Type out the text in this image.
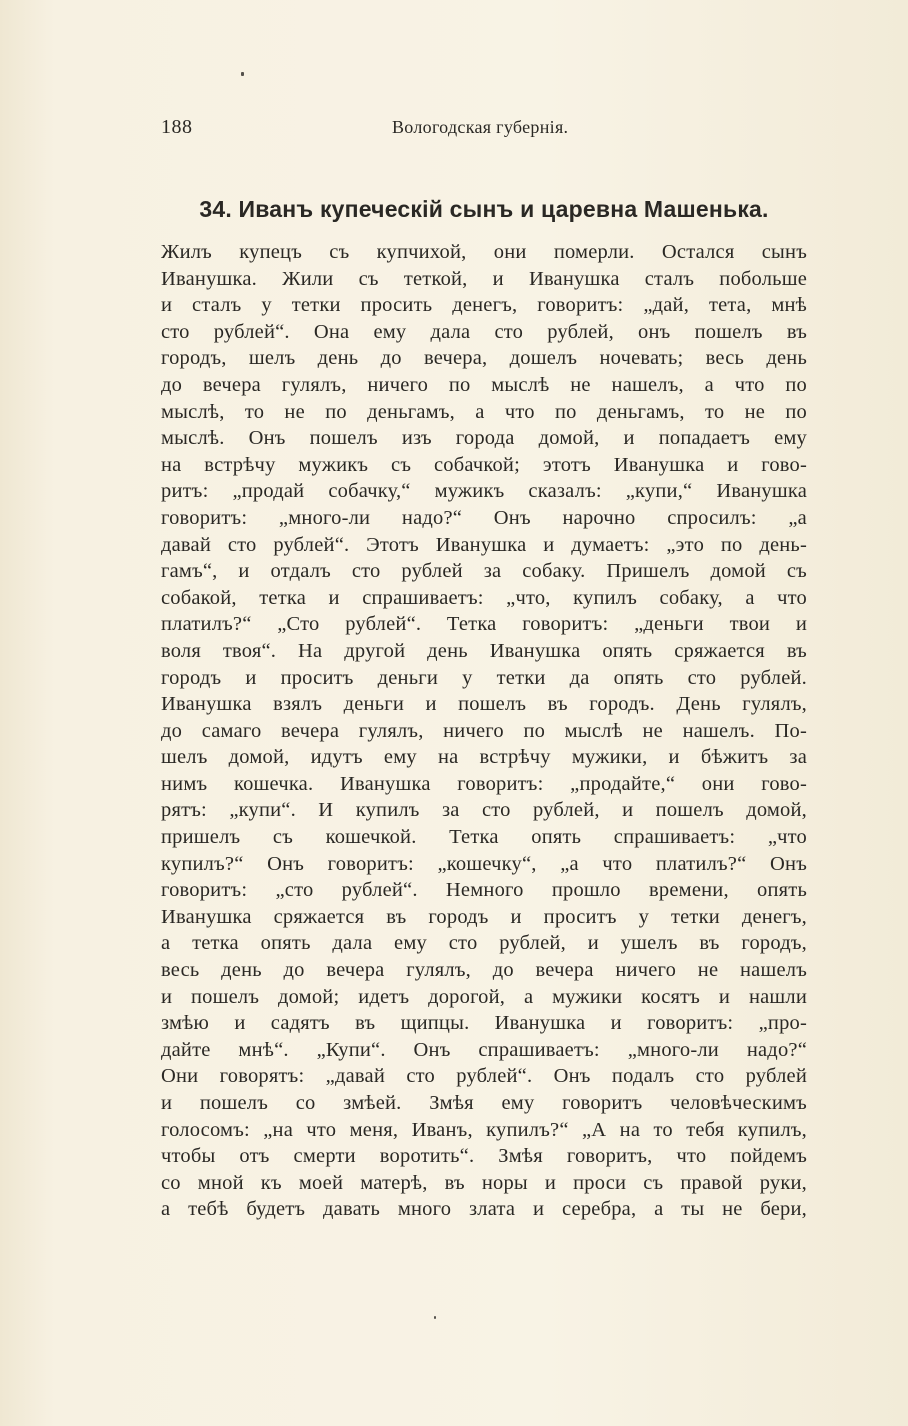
188	Вологодская губернія.
34. Иванъ купеческій сынъ и царевна Машенька.
Жилъ купецъ съ купчихой, они померли. Остался сынъ
Иванушка. Жили съ теткой, и Иванушка сталъ побольше
и сталъ у тетки просить денегъ, говоритъ: „дай, тета, мнѣ
сто рублей“. Она ему дала сто рублей, онъ пошелъ въ
городъ, шелъ день до вечера, дошелъ ночевать; весь день
до вечера гулялъ, ничего по мыслѣ не нашелъ, а что по
мыслѣ, то не по деньгамъ, а что по деньгамъ, то не по
мыслѣ. Онъ пошелъ изъ города домой, и попадаетъ ему
на встрѣчу мужикъ съ собачкой; этотъ Иванушка и гово-
ритъ: „продай собачку,“ мужикъ сказалъ: „купи,“ Иванушка
говоритъ: „много-ли надо?“ Онъ нарочно спросилъ: „а
давай сто рублей“. Этотъ Иванушка и думаетъ: „это по день-
гамъ“, и отдалъ сто рублей за собаку. Пришелъ домой съ
собакой, тетка и спрашиваетъ: „что, купилъ собаку, а что
платилъ?“ „Сто рублей“. Тетка говоритъ: „деньги твои и
воля твоя“. На другой день Иванушка опять сряжается въ
городъ и проситъ деньги у тетки да опять сто рублей.
Иванушка взялъ деньги и пошелъ въ городъ. День гулялъ,
до самаго вечера гулялъ, ничего по мыслѣ не нашелъ. По-
шелъ домой, идутъ ему на встрѣчу мужики, и бѣжитъ за
нимъ кошечка. Иванушка говоритъ: „продайте,“ они гово-
рятъ: „купи“. И купилъ за сто рублей, и пошелъ домой,
пришелъ съ кошечкой. Тетка опять спрашиваетъ: „что
купилъ?“ Онъ говоритъ: „кошечку“, „а что платилъ?“ Онъ
говоритъ: „сто рублей“. Немного прошло времени, опять
Иванушка сряжается въ городъ и проситъ у тетки денегъ,
а тетка опять дала ему сто рублей, и ушелъ въ городъ,
весь день до вечера гулялъ, до вечера ничего не нашелъ
и пошелъ домой; идетъ дорогой, а мужики косятъ и нашли
змѣю и садятъ въ щипцы. Иванушка и говоритъ: „про-
дайте мнѣ“. „Купи“. Онъ спрашиваетъ: „много-ли надо?“
Они говорятъ: „давай сто рублей“. Онъ подалъ сто рублей
и пошелъ со змѣей. Змѣя ему говоритъ человѣческимъ
голосомъ: „на что меня, Иванъ, купилъ?“ „А на то тебя купилъ,
чтобы отъ смерти воротить“. Змѣя говоритъ, что пойдемъ
со мной къ моей матерѣ, въ норы и проси съ правой руки,
а тебѣ будетъ давать много злата и серебра, а ты не бери,
